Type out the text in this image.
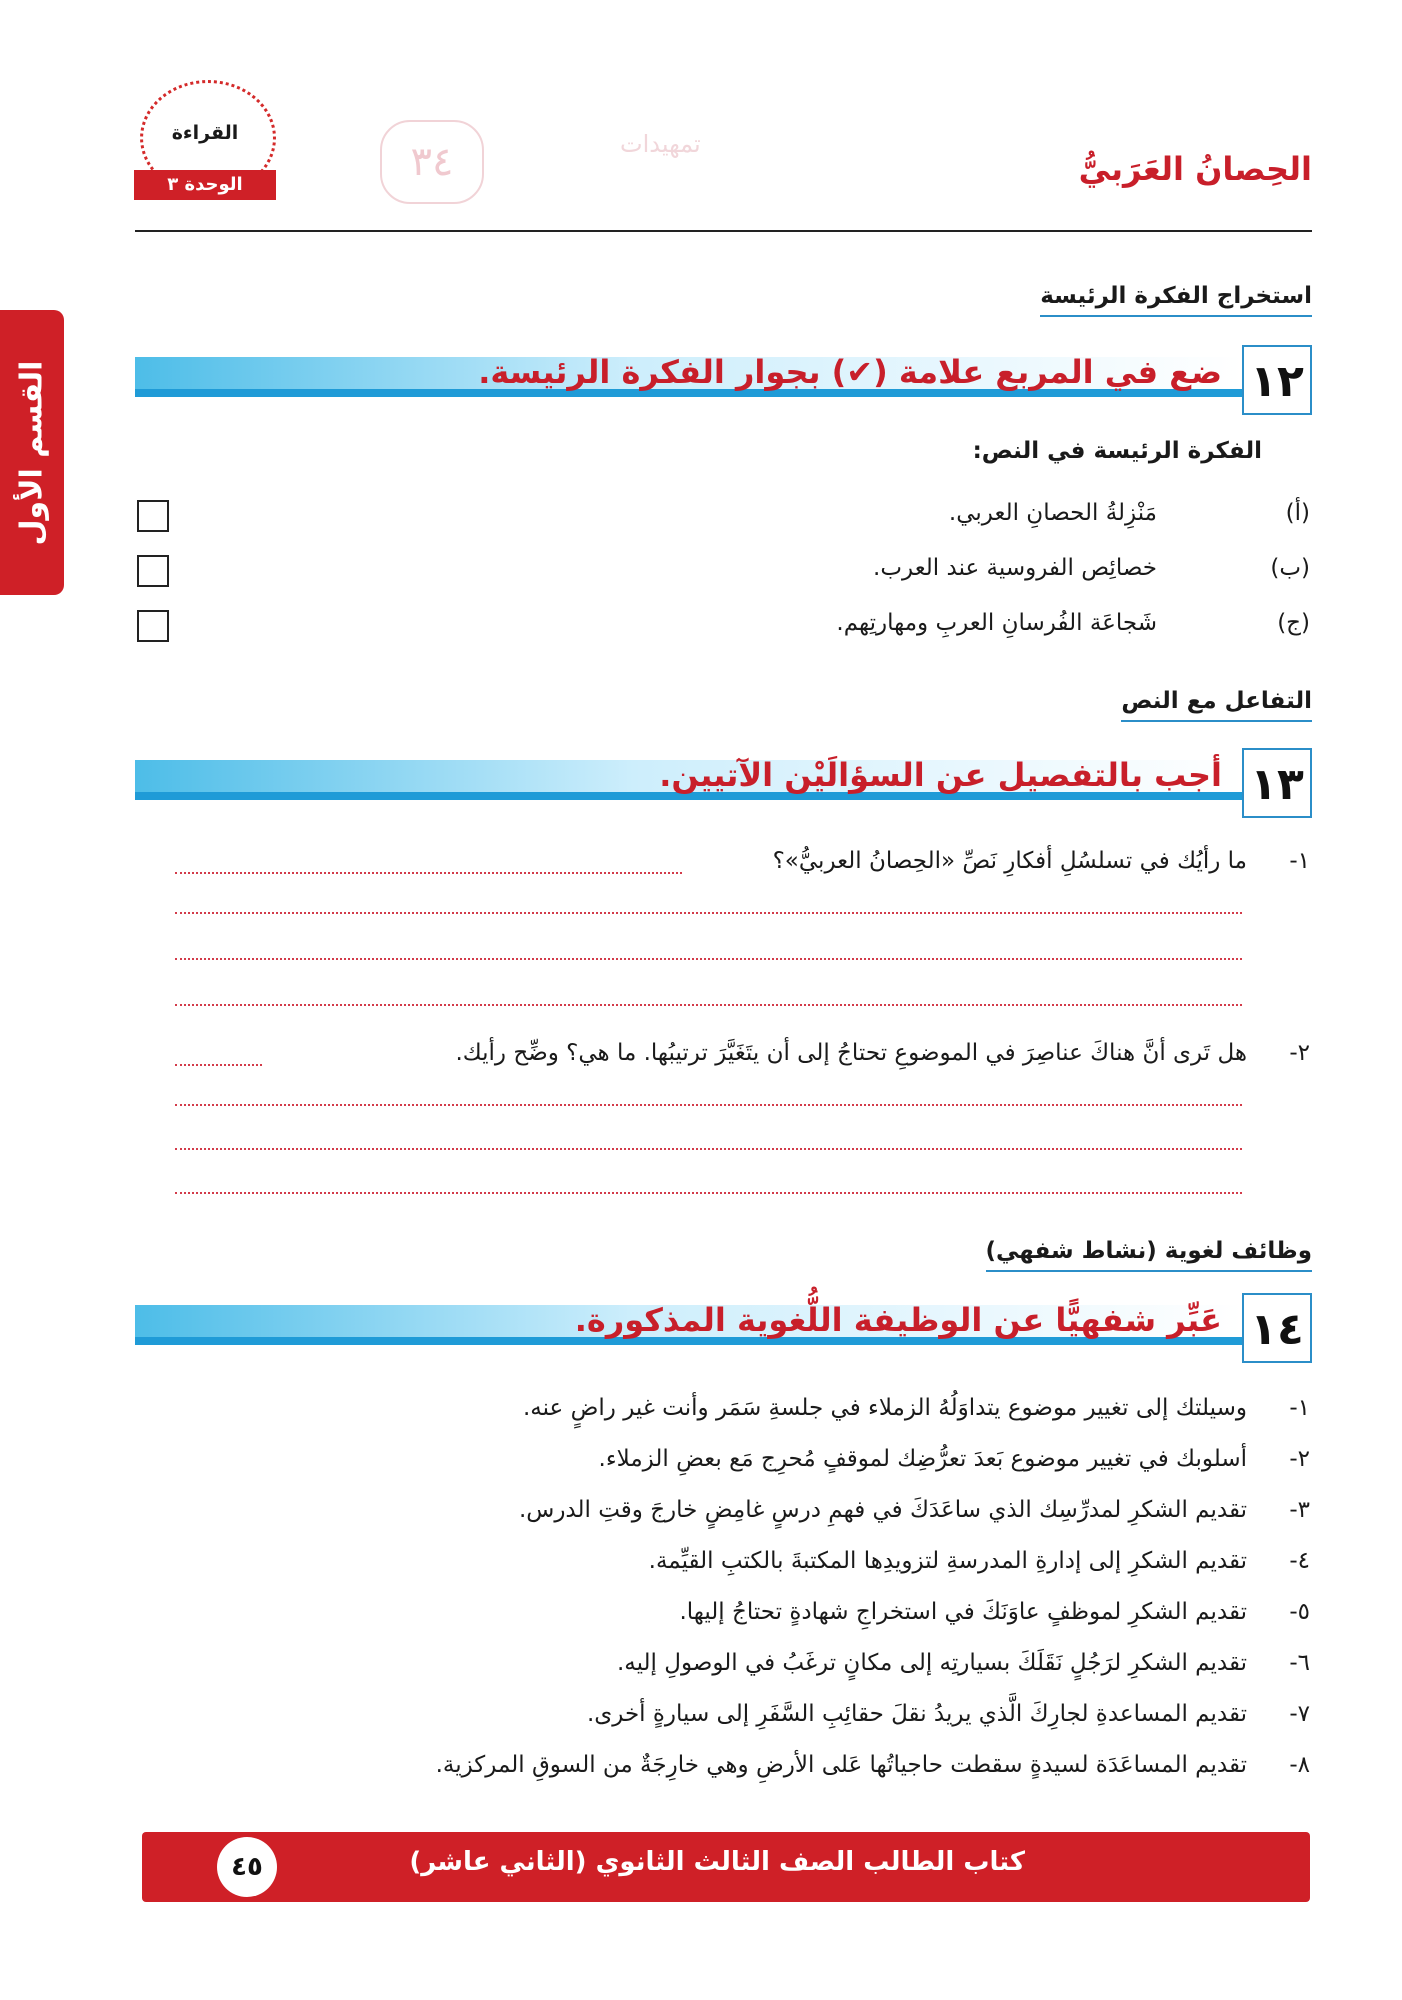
القراءة
الوحدة ٣	٣٤	تمهيدات
الحِصانُ العَرَبيُّ
القسم الأول
استخراج الفكرة الرئيسة
١٢
ضع في المربع علامة (✔) بجوار الفكرة الرئيسة.
الفكرة الرئيسة في النص:
(أ)
مَنْزِلةُ الحصانِ العربي.
(ب)
خصائِص الفروسية عند العرب.
(ج)
شَجاعَة الفُرسانِ العربِ ومهارتِهم.
التفاعل مع النص
١٣
أجب بالتفصيل عن السؤالَيْن الآتيين.
١-
ما رأيُك في تسلسُلِ أفكارِ نَصِّ «الحِصانُ العربيُّ»؟
٢-
هل تَرى أنَّ هناكَ عناصِرَ في الموضوعِ تحتاجُ إلى أن يتَغَيَّرَ ترتيبُها. ما هي؟ وضِّح رأيك.
وظائف لغوية (نشاط شفهي)
١٤
عَبِّر شفهيًّا عن الوظيفة اللُّغوية المذكورة.
١-
وسيلتك إلى تغيير موضوع يتداوَلُهُ الزملاء في جلسةِ سَمَر وأنت غير راضٍ عنه.
٢-
أسلوبك في تغيير موضوع بَعدَ تعرُّضِك لموقفٍ مُحرِج مَع بعضِ الزملاء.
٣-
تقديم الشكرِ لمدرِّسِك الذي ساعَدَكَ في فهمِ درسٍ غامِضٍ خارجَ وقتِ الدرس.
٤-
تقديم الشكرِ إلى إدارةِ المدرسةِ لتزويدِها المكتبةَ بالكتبِ القيِّمة.
٥-
تقديم الشكرِ لموظفٍ عاوَنَكَ في استخراجِ شهادةٍ تحتاجُ إليها.
٦-
تقديم الشكرِ لرَجُلٍ نَقَلَكَ بسيارتِه إلى مكانٍ ترغَبُ في الوصولِ إليه.
٧-
تقديم المساعدةِ لجارِكَ الَّذي يريدُ نقلَ حقائِبِ السَّفَرِ إلى سيارةٍ أخرى.
٨-
تقديم المساعَدَة لسيدةٍ سقطت حاجياتُها عَلى الأرضِ وهي خارِجَةٌ من السوقِ المركزية.
كتاب الطالب الصف الثالث الثانوي (الثاني عاشر)
٤٥
